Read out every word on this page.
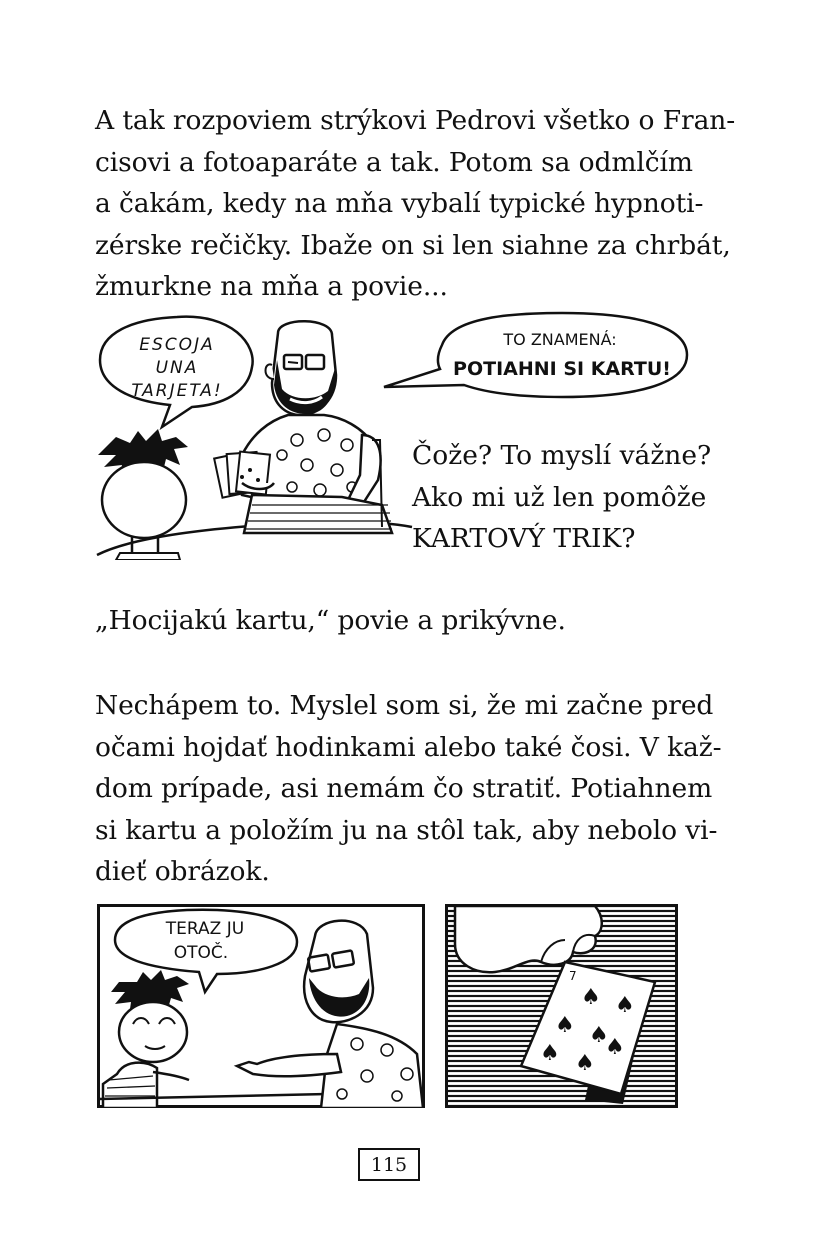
A tak rozpoviem strýkovi Pedrovi všetko o Fran-
cisovi a fotoaparáte a tak. Potom sa odmlčím
a čakám, kedy na mňa vybalí typické hypnoti-
zérske rečičky. Ibaže on si len siahne za chrbát,
žmurkne na mňa a povie...
ESCOJA
UNA
TARJETA!
TO ZNAMENÁ:
POTIAHNI SI KARTU!
Čože? To myslí vážne?
Ako mi už len pomôže
KARTOVÝ TRIK?
„Hocijakú kartu,“ povie a prikývne.
Nechápem to. Myslel som si, že mi začne pred
očami hojdať hodinkami alebo také čosi. V kaž-
dom prípade, asi nemám čo stratiť. Potiahnem
si kartu a položím ju na stôl tak, aby nebolo vi-
dieť obrázok.
TERAZ JU
OTOČ.
7
♠ ♠
♠ ♠
♠ ♠
♠
115
